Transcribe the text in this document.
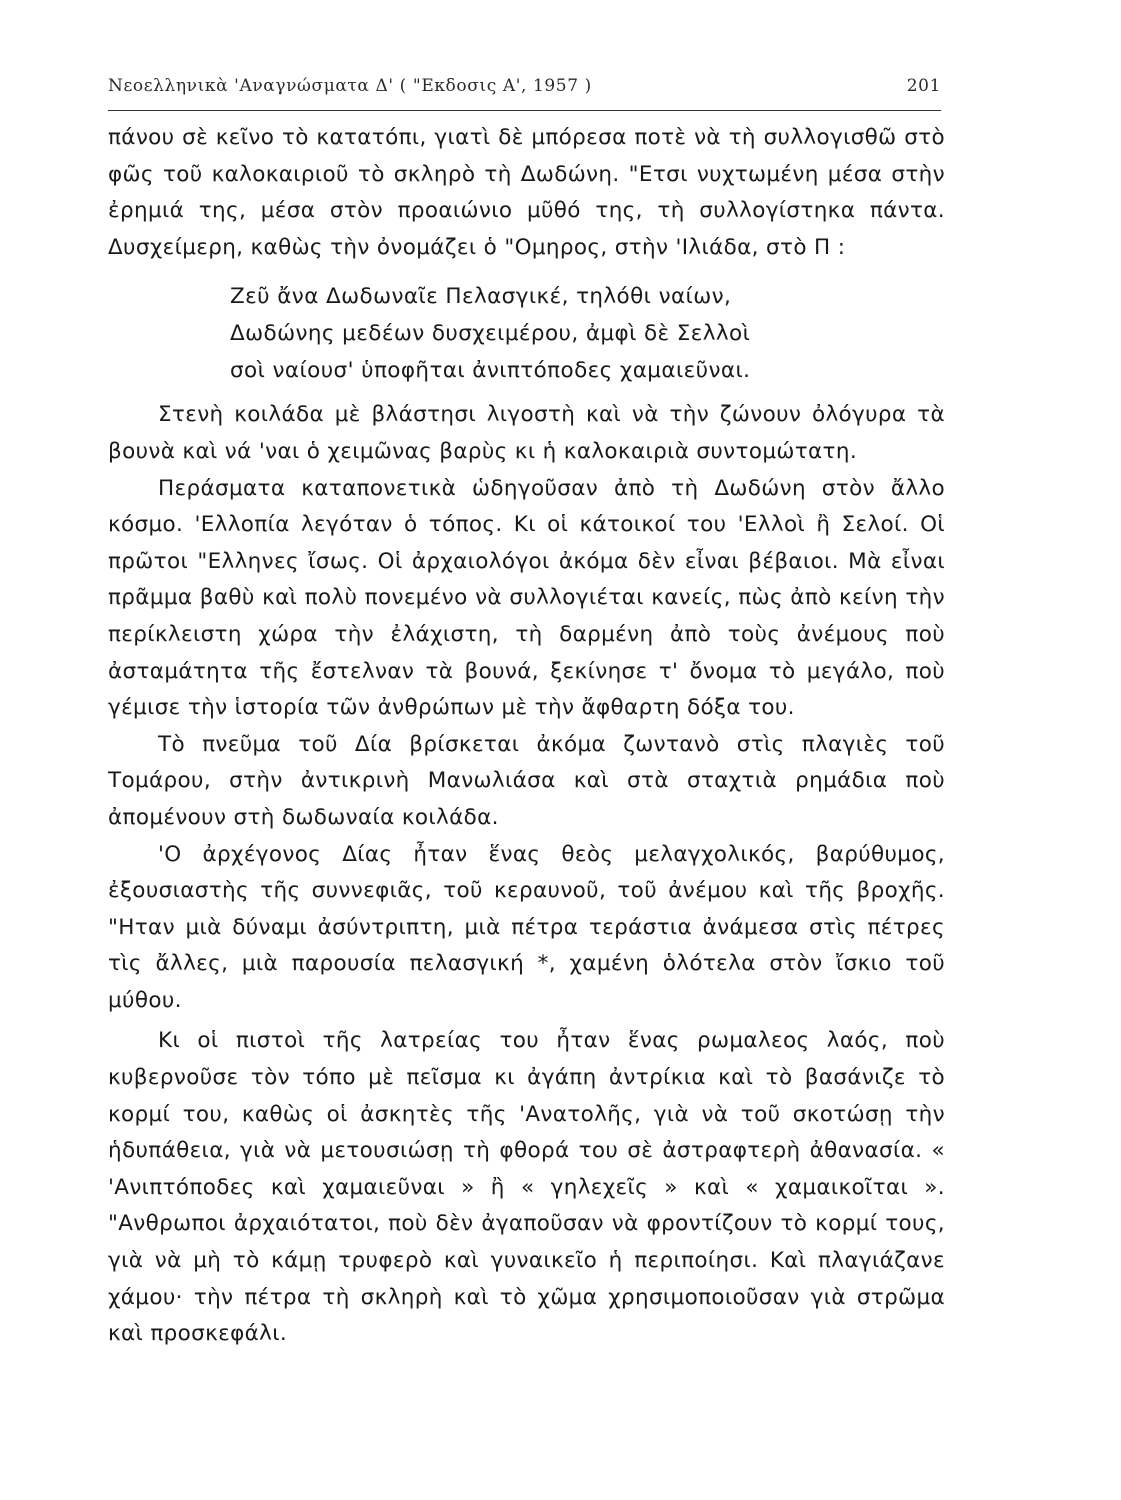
Νεοελληνικὰ 'Αναγνώσματα Δ' ( "Εκδοσις Α', 1957 )	201

πάνου σὲ κεῖνο τὸ κατατόπι, γιατὶ δὲ μπόρεσα ποτὲ νὰ τὴ συλλογισθῶ στὸ φῶς τοῦ καλοκαιριοῦ τὸ σκληρὸ τὴ Δωδώνη. "Ετσι νυχτωμένη μέσα στὴν ἐρημιά της, μέσα στὸν προαιώνιο μῦθό της, τὴ συλλογίστηκα πάντα. Δυσχείμερη, καθὼς τὴν ὀνομάζει ὁ "Ομηρος, στὴν 'Ιλιάδα, στὸ Π :

Ζεῦ ἄνα Δωδωναῖε Πελασγικέ, τηλόθι ναίων,
Δωδώνης μεδέων δυσχειμέρου, ἀμφὶ δὲ Σελλοὶ
σοὶ ναίουσ' ὑποφῆται ἀνιπτόποδες χαμαιεῦναι.

Στενὴ κοιλάδα μὲ βλάστησι λιγοστὴ καὶ νὰ τὴν ζώνουν ὀλόγυρα τὰ βουνὰ καὶ νά 'ναι ὁ χειμῶνας βαρὺς κι ἡ καλοκαιριὰ συντομώτατη.

Περάσματα καταπονετικὰ ὡδηγοῦσαν ἀπὸ τὴ Δωδώνη στὸν ἄλλο κόσμο. 'Ελλοπία λεγόταν ὁ τόπος. Κι οἱ κάτοικοί του 'Ελλοὶ ἢ Σελοί. Οἱ πρῶτοι "Ελληνες ἴσως. Οἱ ἀρχαιολόγοι ἀκόμα δὲν εἶναι βέβαιοι. Μὰ εἶναι πρᾶμμα βαθὺ καὶ πολὺ πονεμένο νὰ συλλογιέται κανείς, πὼς ἀπὸ κείνη τὴν περίκλειστη χώρα τὴν ἐλάχιστη, τὴ δαρμένη ἀπὸ τοὺς ἀνέμους ποὺ ἀσταμάτητα τῆς ἔστελναν τὰ βουνά, ξεκίνησε τ' ὄνομα τὸ μεγάλο, ποὺ γέμισε τὴν ἱστορία τῶν ἀνθρώπων μὲ τὴν ἄφθαρτη δόξα του.

Τὸ πνεῦμα τοῦ Δία βρίσκεται ἀκόμα ζωντανὸ στὶς πλαγιὲς τοῦ Τομάρου, στὴν ἀντικρινὴ Μανωλιάσα καὶ στὰ σταχτιὰ ρημάδια ποὺ ἀπομένουν στὴ δωδωναία κοιλάδα.

'Ο ἀρχέγονος Δίας ἦταν ἕνας θεὸς μελαγχολικός, βαρύθυμος, ἐξουσιαστὴς τῆς συννεφιᾶς, τοῦ κεραυνοῦ, τοῦ ἀνέμου καὶ τῆς βροχῆς. "Ηταν μιὰ δύναμι ἀσύντριπτη, μιὰ πέτρα τεράστια ἀνάμεσα στὶς πέτρες τὶς ἄλλες, μιὰ παρουσία πελασγική *, χαμένη ὁλότελα στὸν ἴσκιο τοῦ μύθου.

Κι οἱ πιστοὶ τῆς λατρείας του ἦταν ἕνας ρωμαλεος λαός, ποὺ κυβερνοῦσε τὸν τόπο μὲ πεῖσμα κι ἀγάπη ἀντρίκια καὶ τὸ βασάνιζε τὸ κορμί του, καθὼς οἱ ἀσκητὲς τῆς 'Ανατολῆς, γιὰ νὰ τοῦ σκοτώσῃ τὴν ἡδυπάθεια, γιὰ νὰ μετουσιώσῃ τὴ φθορά του σὲ ἀστραφτερὴ ἀθανασία. « 'Ανιπτόποδες καὶ χαμαιεῦναι » ἢ « γηλεχεῖς » καὶ « χαμαικοῖται ». "Ανθρωποι ἀρχαιότατοι, ποὺ δὲν ἀγαποῦσαν νὰ φροντίζουν τὸ κορμί τους, γιὰ νὰ μὴ τὸ κάμῃ τρυφερὸ καὶ γυναικεῖο ἡ περιποίησι. Καὶ πλαγιάζανε χάμου· τὴν πέτρα τὴ σκληρὴ καὶ τὸ χῶμα χρησιμοποιοῦσαν γιὰ στρῶμα καὶ προσκεφάλι.
